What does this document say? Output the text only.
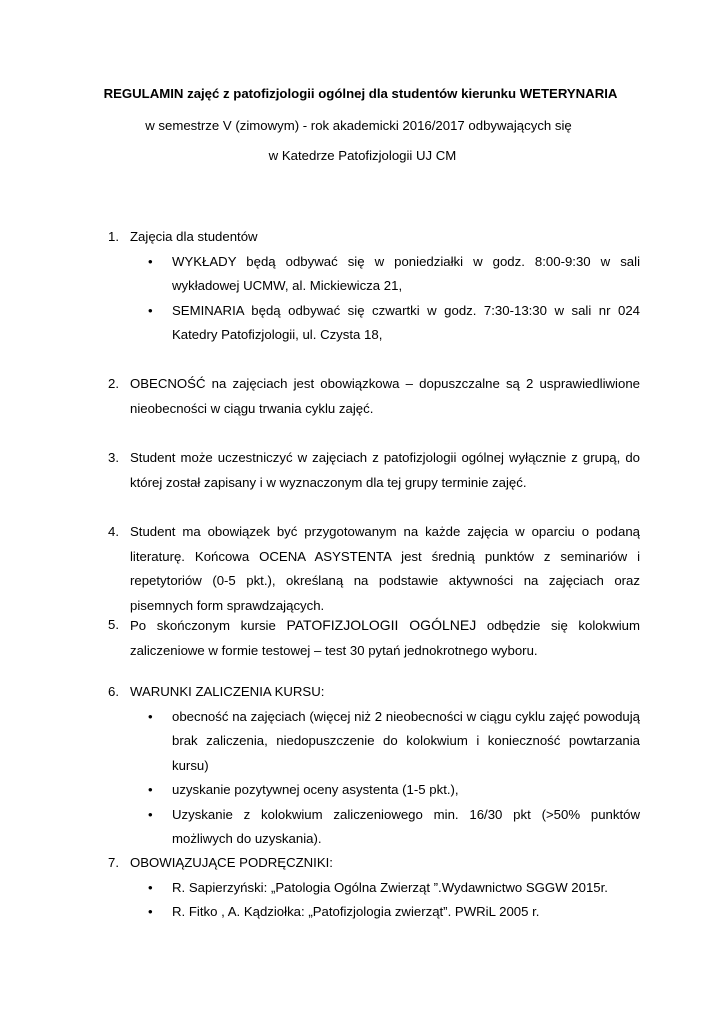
REGULAMIN zajęć z patofizjologii ogólnej dla studentów kierunku WETERYNARIA
w semestrze V (zimowym) - rok akademicki 2016/2017 odbywających się
w Katedrze Patofizjologii UJ CM
1. Zajęcia dla studentów
• WYKŁADY będą odbywać się w poniedziałki w godz. 8:00-9:30 w sali wykładowej UCMW, al. Mickiewicza 21,
• SEMINARIA będą odbywać się czwartki w godz. 7:30-13:30 w sali nr 024 Katedry Patofizjologii, ul. Czysta 18,
2. OBECNOŚĆ na zajęciach jest obowiązkowa – dopuszczalne są 2 usprawiedliwione nieobecności w ciągu trwania cyklu zajęć.
3. Student może uczestniczyć w zajęciach z patofizjologii ogólnej wyłącznie z grupą, do której został zapisany i w wyznaczonym dla tej grupy terminie zajęć.
4. Student ma obowiązek być przygotowanym na każde zajęcia w oparciu o podaną literaturę. Końcowa OCENA ASYSTENTA jest średnią punktów z seminariów i repetytoriów (0-5 pkt.), określaną na podstawie aktywności na zajęciach oraz pisemnych form sprawdzających.
5. Po skończonym kursie PATOFIZJOLOGII OGÓLNEJ odbędzie się kolokwium zaliczeniowe w formie testowej – test 30 pytań jednokrotnego wyboru.
6. WARUNKI ZALICZENIA KURSU:
• obecność na zajęciach (więcej niż 2 nieobecności w ciągu cyklu zajęć powodują brak zaliczenia, niedopuszczenie do kolokwium i konieczność powtarzania kursu)
• uzyskanie pozytywnej oceny asystenta (1-5 pkt.),
• Uzyskanie z kolokwium zaliczeniowego min. 16/30 pkt (>50% punktów możliwych do uzyskania).
7. OBOWIĄZUJĄCE PODRĘCZNIKI:
• R. Sapierzyński: „Patologia Ogólna Zwierząt ”.Wydawnictwo SGGW 2015r.
• R. Fitko , A. Kądziołka: „Patofizjologia zwierząt”. PWRiL 2005 r.
